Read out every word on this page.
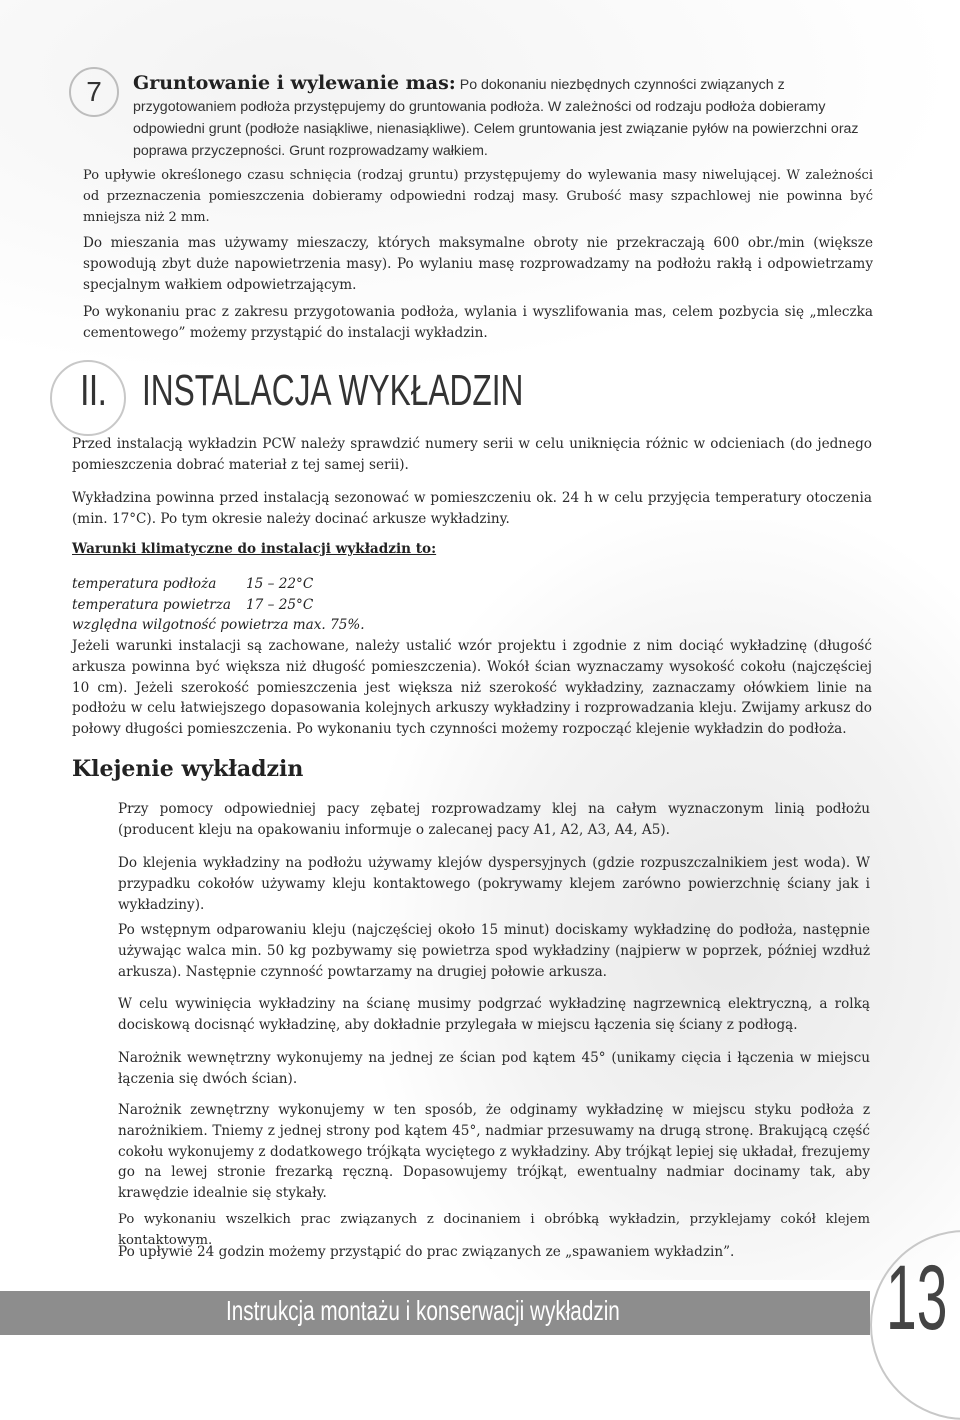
7	Gruntowanie i wylewanie mas: Po dokonaniu niezbędnych czynności związanych z przygotowaniem podłoża przystępujemy do gruntowania podłoża. W zależności od rodzaju podłoża dobieramy odpowiedni grunt (podłoże nasiąkliwe, nienasiąkliwe). Celem gruntowania jest związanie pyłów na powierzchni oraz poprawa przyczepności. Grunt rozprowadzamy wałkiem.
Po upływie określonego czasu schnięcia (rodzaj gruntu) przystępujemy do wylewania masy niwelującej. W zależności od przeznaczenia pomieszczenia dobieramy odpowiedni rodzaj masy. Grubość masy szpachlowej nie powinna być mniejsza niż 2 mm.
Do mieszania mas używamy mieszaczy, których maksymalne obroty nie przekraczają 600 obr./min (większe spowodują zbyt duże napowietrzenia masy). Po wylaniu masę rozprowadzamy na podłożu rakłą i odpowietrzamy specjalnym wałkiem odpowietrzającym.
Po wykonaniu prac z zakresu przygotowania podłoża, wylania i wyszlifowania mas, celem pozbycia się „mleczka cementowego” możemy przystąpić do instalacji wykładzin.
II. INSTALACJA WYKŁADZIN
Przed instalacją wykładzin PCW należy sprawdzić numery serii w celu uniknięcia różnic w odcieniach (do jednego pomieszczenia dobrać materiał z tej samej serii).
Wykładzina powinna przed instalacją sezonować w pomieszczeniu ok. 24 h w celu przyjęcia temperatury otoczenia (min. 17°C). Po tym okresie należy docinać arkusze wykładziny.
Warunki klimatyczne do instalacji wykładzin to:
temperatura podłoża	15 – 22°C
temperatura powietrza	17 – 25°C
względna wilgotność powietrza max. 75%.
Jeżeli warunki instalacji są zachowane, należy ustalić wzór projektu i zgodnie z nim dociąć wykładzinę (długość arkusza powinna być większa niż długość pomieszczenia). Wokół ścian wyznaczamy wysokość cokołu (najczęściej 10 cm). Jeżeli szerokość pomieszczenia jest większa niż szerokość wykładziny, zaznaczamy ołówkiem linie na podłożu w celu łatwiejszego dopasowania kolejnych arkuszy wykładziny i rozprowadzania kleju. Zwijamy arkusz do połowy długości pomieszczenia. Po wykonaniu tych czynności możemy rozpocząć klejenie wykładzin do podłoża.
Klejenie wykładzin
Przy pomocy odpowiedniej pacy zębatej rozprowadzamy klej na całym wyznaczonym linią podłożu (producent kleju na opakowaniu informuje o zalecanej pacy A1, A2, A3, A4, A5).
Do klejenia wykładziny na podłożu używamy klejów dyspersyjnych (gdzie rozpuszczalnikiem jest woda). W przypadku cokołów używamy kleju kontaktowego (pokrywamy klejem zarówno powierzchnię ściany jak i wykładziny).
Po wstępnym odparowaniu kleju (najczęściej około 15 minut) dociskamy wykładzinę do podłoża, następnie używając walca min. 50 kg pozbywamy się powietrza spod wykładziny (najpierw w poprzek, później wzdłuż arkusza). Następnie czynność powtarzamy na drugiej połowie arkusza.
W celu wywinięcia wykładziny na ścianę musimy podgrzać wykładzinę nagrzewnicą elektryczną, a rolką dociskową docisnąć wykładzinę, aby dokładnie przylegała w miejscu łączenia się ściany z podłogą.
Narożnik wewnętrzny wykonujemy na jednej ze ścian pod kątem 45° (unikamy cięcia i łączenia w miejscu łączenia się dwóch ścian).
Narożnik zewnętrzny wykonujemy w ten sposób, że odginamy wykładzinę w miejscu styku podłoża z narożnikiem. Tniemy z jednej strony pod kątem 45°, nadmiar przesuwamy na drugą stronę. Brakującą część cokołu wykonujemy z dodatkowego trójkąta wyciętego z wykładziny. Aby trójkąt lepiej się układał, frezujemy go na lewej stronie frezarką ręczną. Dopasowujemy trójkąt, ewentualny nadmiar docinamy tak, aby krawędzie idealnie się stykały.
Po wykonaniu wszelkich prac związanych z docinaniem i obróbką wykładzin, przyklejamy cokół klejem kontaktowym.
Po upływie 24 godzin możemy przystąpić do prac związanych ze „spawaniem wykładzin”.
Instrukcja montażu i konserwacji wykładzin	13
